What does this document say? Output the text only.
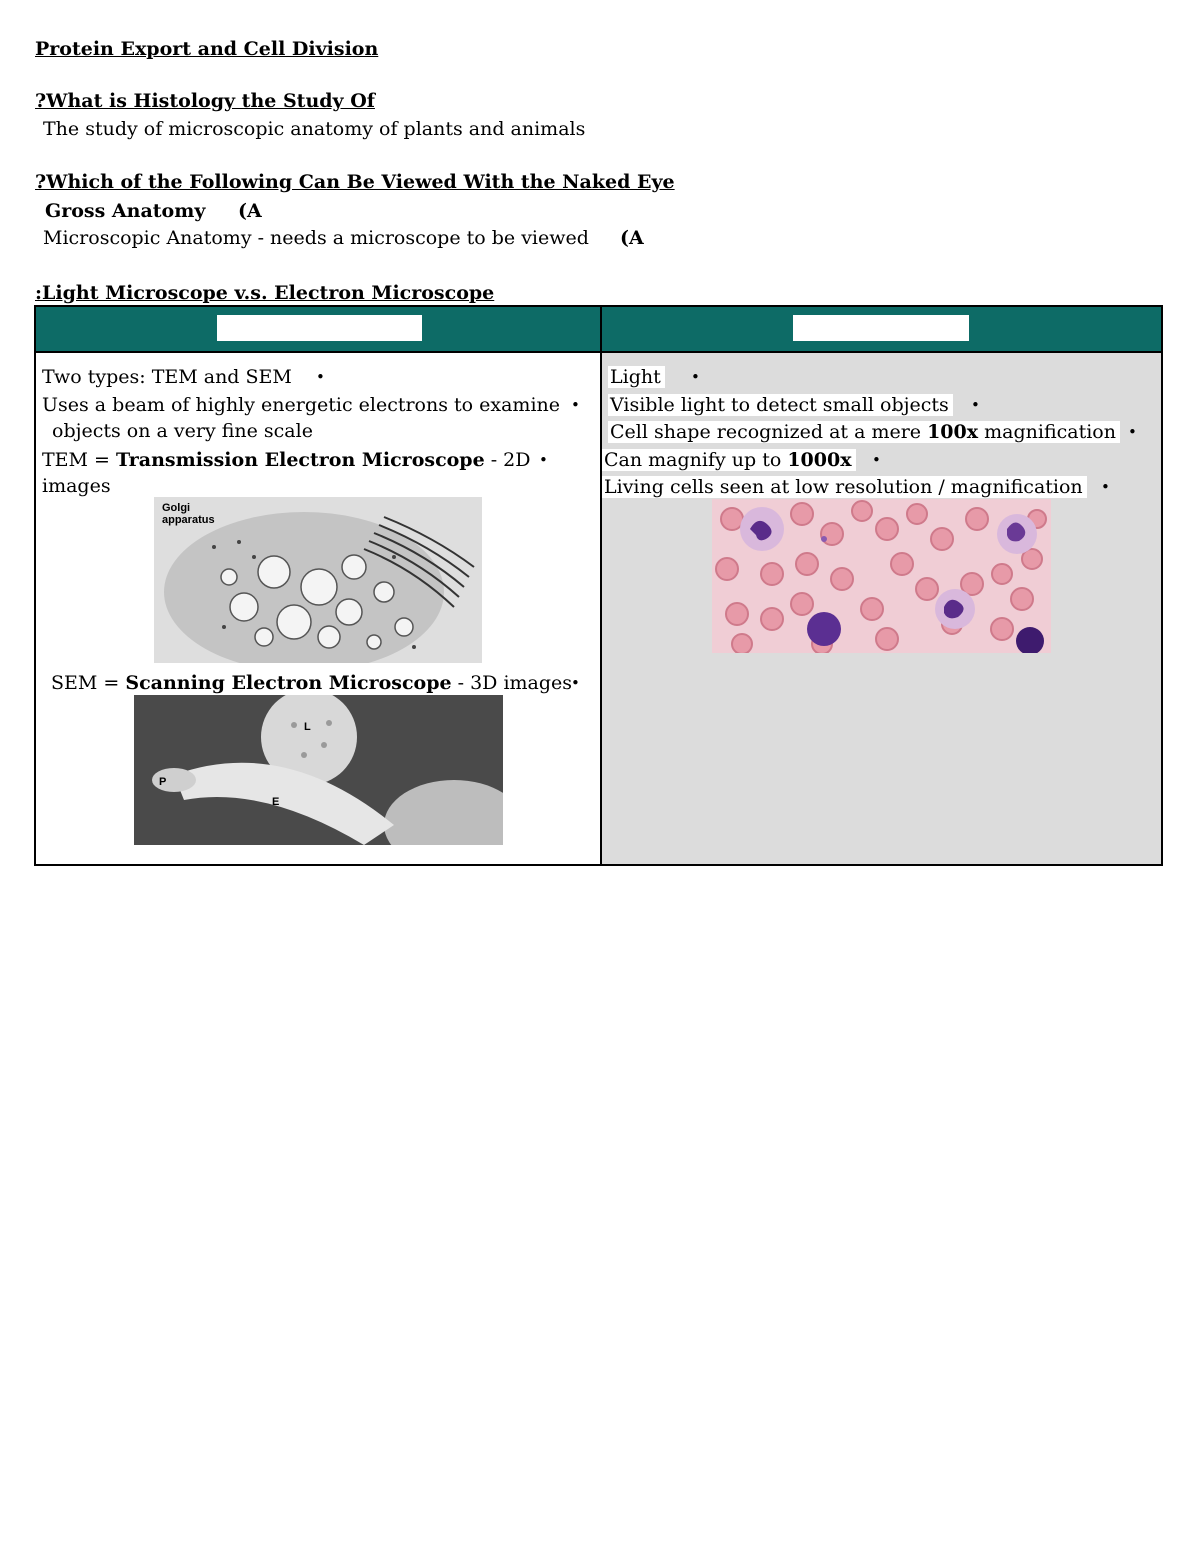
Protein Export and Cell Division
?What is Histology the Study Of
The study of microscopic anatomy of plants and animals
?Which of the Following Can Be Viewed With the Naked Eye
Gross Anatomy (A
Microscopic Anatomy - needs a microscope to be viewed (A
:Light Microscope v.s. Electron Microscope
Two types: TEM and SEM •
Uses a beam of highly energetic electrons to examine •
objects on a very fine scale
TEM = Transmission Electron Microscope - 2D •
images
Golgi
apparatus
SEM = Scanning Electron Microscope - 3D images
•
L
P
E
Light •
Visible light to detect small objects •
Cell shape recognized at a mere 100x magnification •
Can magnify up to 1000x •
Living cells seen at low resolution / magnification •
